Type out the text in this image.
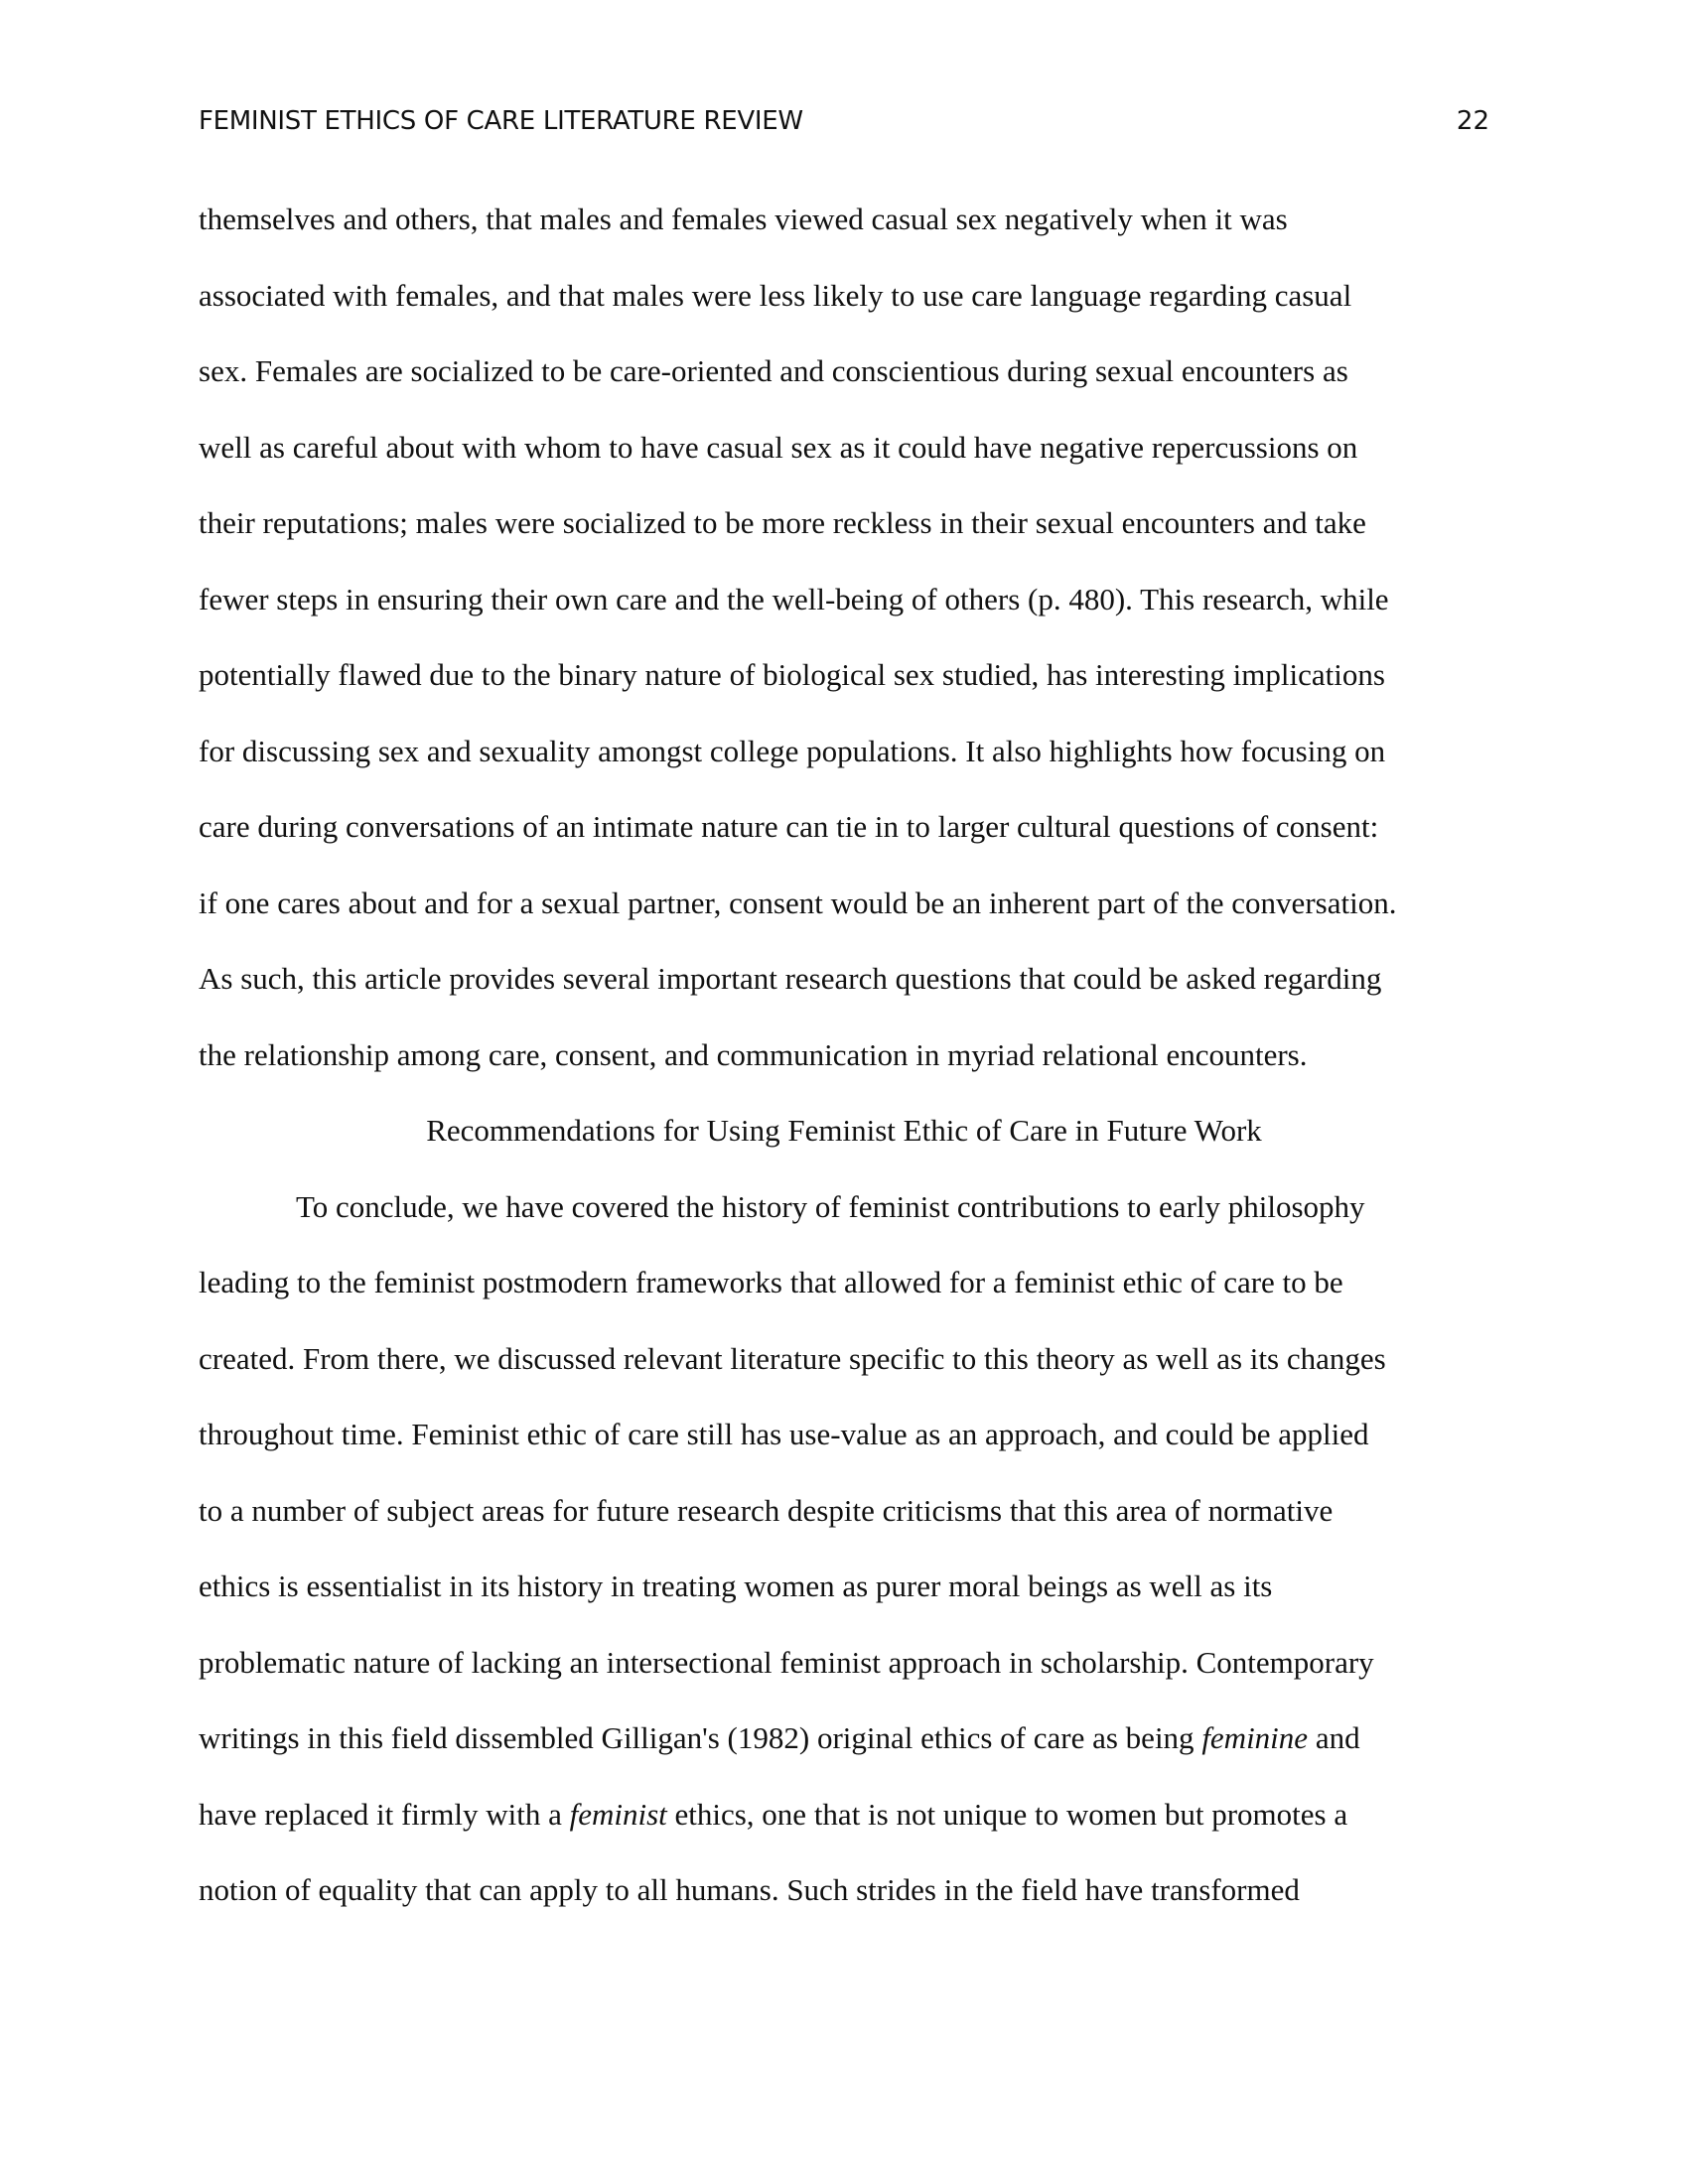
FEMINIST ETHICS OF CARE LITERATURE REVIEW	22
themselves and others, that males and females viewed casual sex negatively when it was
associated with females, and that males were less likely to use care language regarding casual
sex. Females are socialized to be care-oriented and conscientious during sexual encounters as
well as careful about with whom to have casual sex as it could have negative repercussions on
their reputations; males were socialized to be more reckless in their sexual encounters and take
fewer steps in ensuring their own care and the well-being of others (p. 480). This research, while
potentially flawed due to the binary nature of biological sex studied, has interesting implications
for discussing sex and sexuality amongst college populations. It also highlights how focusing on
care during conversations of an intimate nature can tie in to larger cultural questions of consent:
if one cares about and for a sexual partner, consent would be an inherent part of the conversation.
As such, this article provides several important research questions that could be asked regarding
the relationship among care, consent, and communication in myriad relational encounters.
Recommendations for Using Feminist Ethic of Care in Future Work
To conclude, we have covered the history of feminist contributions to early philosophy
leading to the feminist postmodern frameworks that allowed for a feminist ethic of care to be
created. From there, we discussed relevant literature specific to this theory as well as its changes
throughout time. Feminist ethic of care still has use-value as an approach, and could be applied
to a number of subject areas for future research despite criticisms that this area of normative
ethics is essentialist in its history in treating women as purer moral beings as well as its
problematic nature of lacking an intersectional feminist approach in scholarship. Contemporary
writings in this field dissembled Gilligan's (1982) original ethics of care as being feminine and
have replaced it firmly with a feminist ethics, one that is not unique to women but promotes a
notion of equality that can apply to all humans. Such strides in the field have transformed
